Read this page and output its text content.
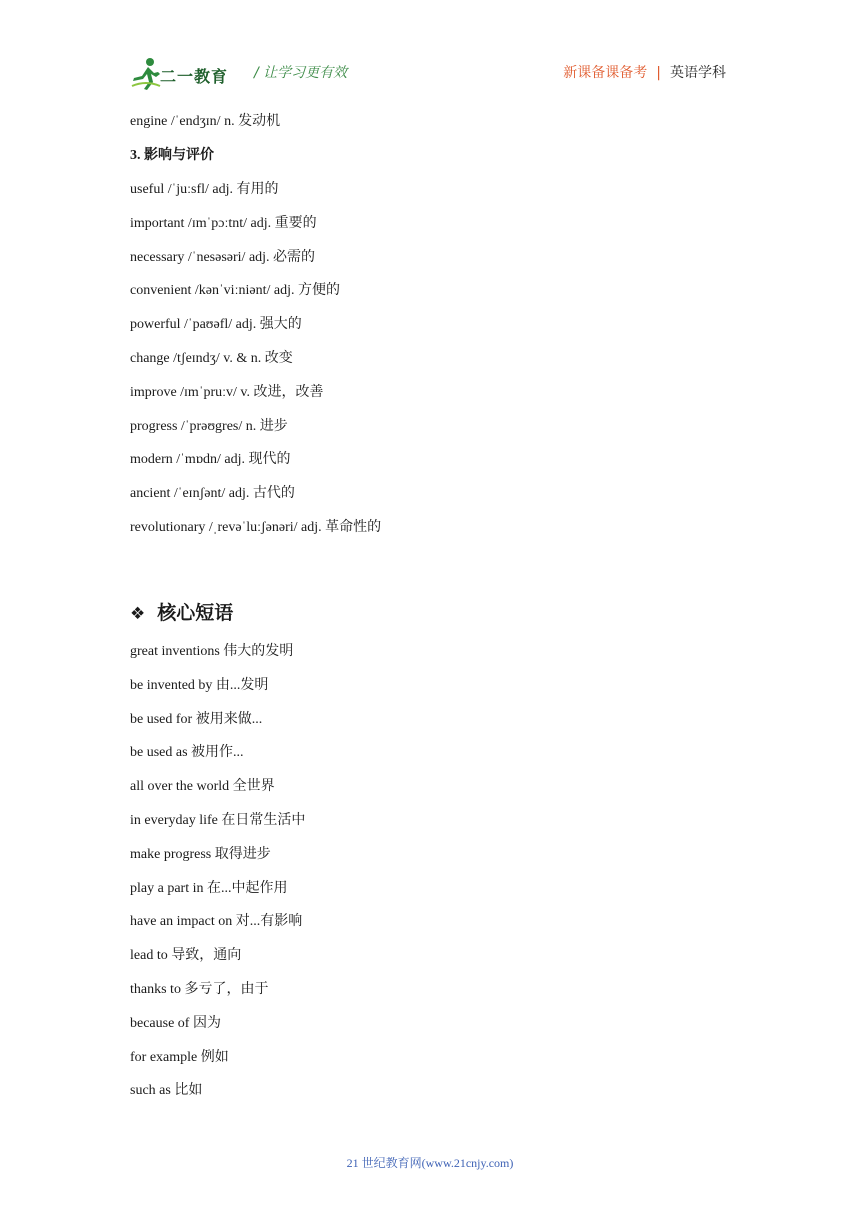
二一教育 / 让学习更有效	新课备课备考 | 英语学科
engine /ˈendʒɪn/ n. 发动机
3. 影响与评价
useful /ˈjuːsfl/ adj. 有用的
important /ɪmˈpɔːtnt/ adj. 重要的
necessary /ˈnesəsəri/ adj. 必需的
convenient /kənˈviːniənt/ adj. 方便的
powerful /ˈpaʊəfl/ adj. 强大的
change /tʃeɪndʒ/ v. & n. 改变
improve /ɪmˈpruːv/ v. 改进，改善
progress /ˈprəʊgres/ n. 进步
modern /ˈmɒdn/ adj. 现代的
ancient /ˈeɪnʃənt/ adj. 古代的
revolutionary /ˌrevəˈluːʃənəri/ adj. 革命性的
❖ 核心短语
great inventions 伟大的发明
be invented by 由...发明
be used for 被用来做...
be used as 被用作...
all over the world 全世界
in everyday life 在日常生活中
make progress 取得进步
play a part in 在...中起作用
have an impact on 对...有影响
lead to 导致，通向
thanks to 多亏了，由于
because of 因为
for example 例如
such as 比如
21 世纪教育网(www.21cnjy.com)
